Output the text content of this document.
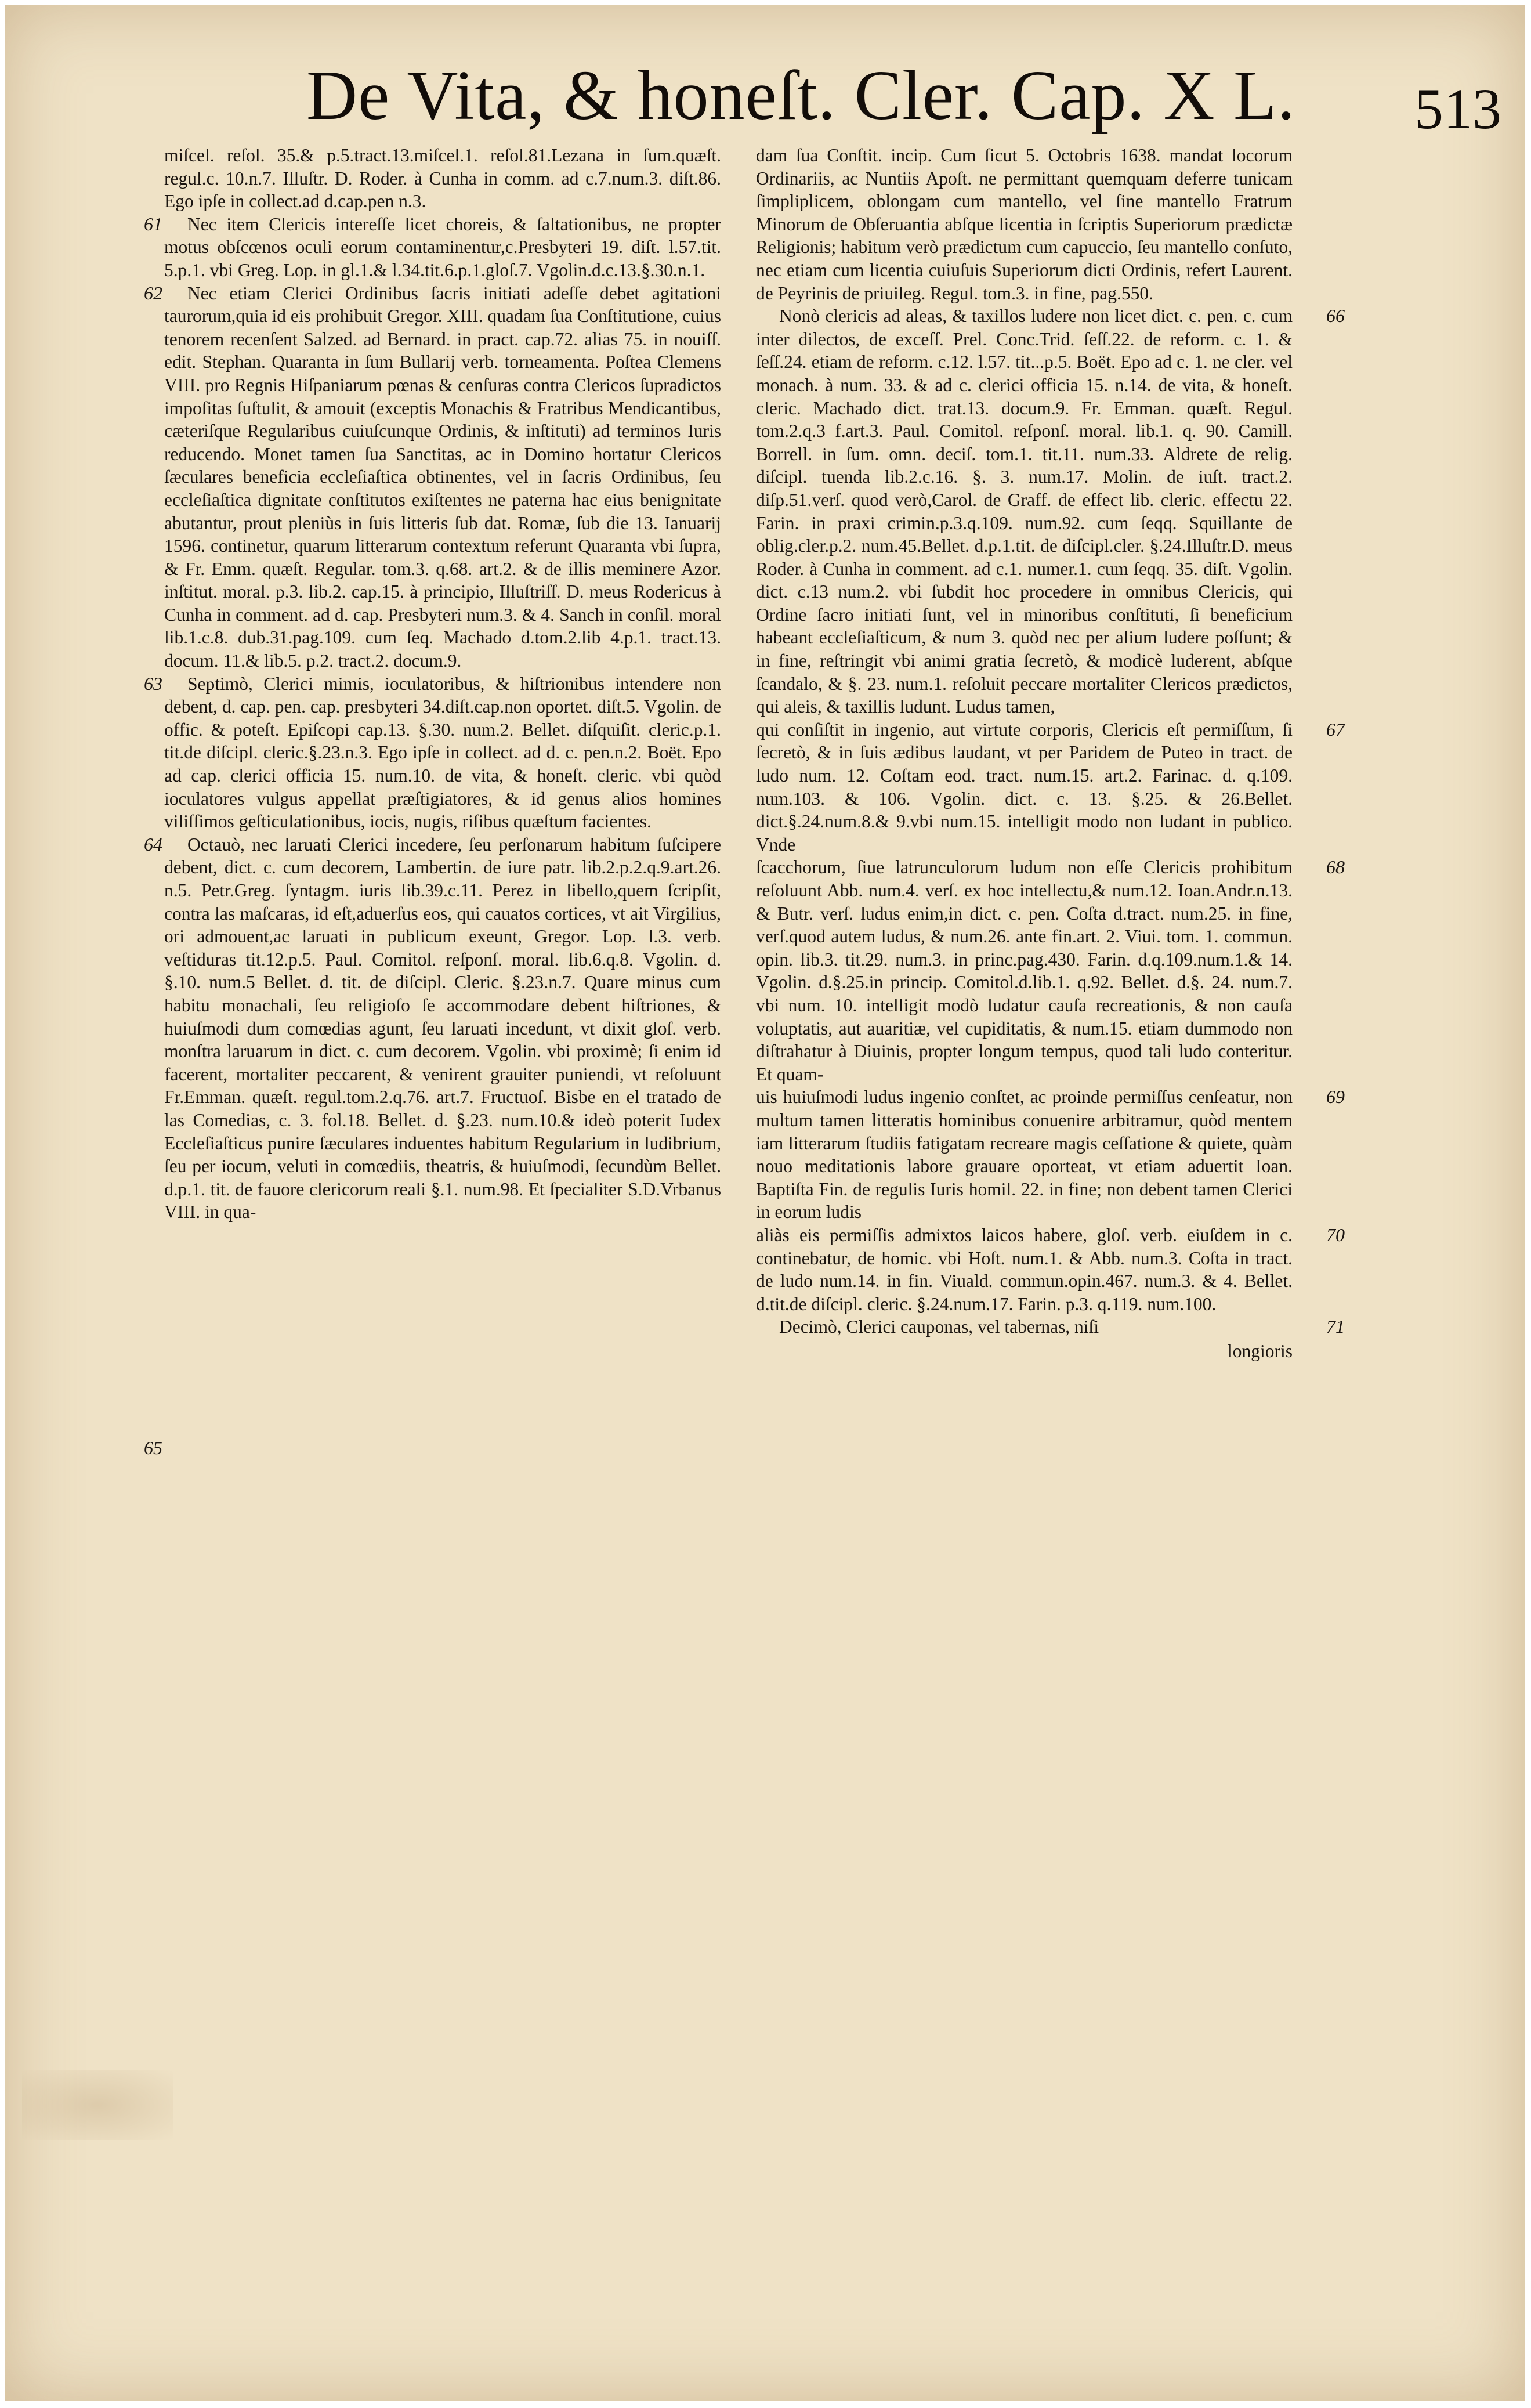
De Vita, & honeſt. Cler. Cap. X L. 513

miſcel. reſol. 35.& p.5.tract.13.miſcel.1. reſol.81.Lezana in ſum.quæſt. regul.c. 10.n.7. Illuſtr. D. Roder. à Cunha in comm. ad c.7.num.3. diſt.86. Ego ipſe in collect.ad d.cap.pen n.3.

61 Nec item Clericis intereſſe licet choreis, & ſaltationibus, ne propter motus obſcœnos oculi eorum contaminentur,c.Presbyteri 19. diſt. l.57.tit. 5.p.1. vbi Greg. Lop. in gl.1.& l.34.tit.6.p.1.gloſ.7. Vgolin.d.c.13.§.30.n.1.

62 Nec etiam Clerici Ordinibus ſacris initiati adeſſe debet agitationi taurorum,quia id eis prohibuit Gregor. XIII. quadam ſua Conſtitutione, cuius tenorem recenſent Salzed. ad Bernard. in pract. cap.72. alias 75. in nouiſſ. edit. Stephan. Quaranta in ſum Bullarij verb. torneamenta. Poſtea Clemens VIII. pro Regnis Hiſpaniarum pœnas & cenſuras contra Clericos ſupradictos impoſitas ſuſtulit, & amouit (exceptis Monachis & Fratribus Mendicantibus, cæteriſque Regularibus cuiuſcunque Ordinis, & inſtituti) ad terminos Iuris reducendo. Monet tamen ſua Sanctitas, ac in Domino hortatur Clericos ſæculares beneficia eccleſiaſtica obtinentes, vel in ſacris Ordinibus, ſeu eccleſiaſtica dignitate conſtitutos exiſtentes ne paterna hac eius benignitate abutantur, prout pleniùs in ſuis litteris ſub dat. Romæ, ſub die 13. Ianuarij 1596. continetur, quarum litterarum contextum referunt Quaranta vbi ſupra, & Fr. Emm. quæſt. Regular. tom.3. q.68. art.2. & de illis meminere Azor. inſtitut. moral. p.3. lib.2. cap.15. à principio, Illuſtriſſ. D. meus Rodericus à Cunha in comment. ad d. cap. Presbyteri num.3. & 4. Sanch in conſil. moral lib.1.c.8. dub.31.pag.109. cum ſeq. Machado d.tom.2.lib 4.p.1. tract.13. docum. 11.& lib.5. p.2. tract.2. docum.9.

63 Septimò, Clerici mimis, ioculatoribus, & hiſtrionibus intendere non debent, d. cap. pen. cap. presbyteri 34.diſt.cap.non oportet. diſt.5. Vgolin. de offic. & poteſt. Epiſcopi cap.13. §.30. num.2. Bellet. diſquiſit. cleric.p.1. tit.de diſcipl. cleric.§.23.n.3. Ego ipſe in collect. ad d. c. pen.n.2. Boët. Epo ad cap. clerici officia 15. num.10. de vita, & honeſt. cleric. vbi quòd ioculatores vulgus appellat præſtigiatores, & id genus alios homines viliſſimos geſticulationibus, iocis, nugis, riſibus quæſtum facientes.

64
65
Octauò, nec laruati Clerici incedere, ſeu perſonarum habitum ſuſcipere debent, dict. c. cum decorem, Lambertin. de iure patr. lib.2.p.2.q.9.art.26. n.5. Petr.Greg. ſyntagm. iuris lib.39.c.11. Perez in libello,quem ſcripſit, contra las maſcaras, id eſt,aduerſus eos, qui cauatos cortices, vt ait Virgilius, ori admouent,ac laruati in publicum exeunt, Gregor. Lop. l.3. verb. veſtiduras tit.12.p.5. Paul. Comitol. reſponſ. moral. lib.6.q.8. Vgolin. d. §.10. num.5 Bellet. d. tit. de diſcipl. Cleric. §.23.n.7. Quare minus cum habitu monachali, ſeu religioſo ſe accommodare debent hiſtriones, & huiuſmodi dum comœdias agunt, ſeu laruati incedunt, vt dixit gloſ. verb. monſtra laruarum in dict. c. cum decorem. Vgolin. vbi proximè; ſi enim id facerent, mortaliter peccarent, & venirent grauiter puniendi, vt reſoluunt Fr.Emman. quæſt. regul.tom.2.q.76. art.7. Fructuoſ. Bisbe en el tratado de las Comedias, c. 3. fol.18. Bellet. d. §.23. num.10.& ideò poterit Iudex Eccleſiaſticus punire ſæculares induentes habitum Regularium in ludibrium, ſeu per iocum, veluti in comœdiis, theatris, & huiuſmodi, ſecundùm Bellet. d.p.1. tit. de fauore clericorum reali §.1. num.98. Et ſpecialiter S.D.Vrbanus VIII. in qua-

dam ſua Conſtit. incip. Cum ſicut 5. Octobris 1638. mandat locorum Ordinariis, ac Nuntiis Apoſt. ne permittant quemquam deferre tunicam ſimpliplicem, oblongam cum mantello, vel ſine mantello Fratrum Minorum de Obſeruantia abſque licentia in ſcriptis Superiorum prædictæ Religionis; habitum verò prædictum cum capuccio, ſeu mantello conſuto, nec etiam cum licentia cuiuſuis Superiorum dicti Ordinis, refert Laurent. de Peyrinis de priuileg. Regul. tom.3. in fine, pag.550.

66
Nonò clericis ad aleas, & taxillos ludere non licet dict. c. pen. c. cum inter dilectos, de exceſſ. Prel. Conc.Trid. ſeſſ.22. de reform. c. 1. & ſeſſ.24. etiam de reform. c.12. l.57. tit...p.5. Boët. Epo ad c. 1. ne cler. vel monach. à num. 33. & ad c. clerici officia 15. n.14. de vita, & honeſt. cleric. Machado dict. trat.13. docum.9. Fr. Emman. quæſt. Regul. tom.2.q.3 f.art.3. Paul. Comitol. reſponſ. moral. lib.1. q. 90. Camill. Borrell. in ſum. omn. deciſ. tom.1. tit.11. num.33. Aldrete de relig. diſcipl. tuenda lib.2.c.16. §. 3. num.17. Molin. de iuſt. tract.2. diſp.51.verſ. quod verò,Carol. de Graff. de effect lib. cleric. effectu 22. Farin. in praxi crimin.p.3.q.109. num.92. cum ſeqq. Squillante de oblig.cler.p.2. num.45.Bellet. d.p.1.tit. de diſcipl.cler. §.24.Illuſtr.D. meus Roder. à Cunha in comment. ad c.1. numer.1. cum ſeqq. 35. diſt. Vgolin. dict. c.13 num.2. vbi ſubdit hoc procedere in omnibus Clericis, qui Ordine ſacro initiati ſunt, vel in minoribus conſtituti, ſi beneficium habeant eccleſiaſticum, & num 3. quòd nec per alium ludere poſſunt; & in fine, reſtringit vbi animi gratia ſecretò, & modicè luderent, abſque ſcandalo, & §. 23. num.1. reſoluit peccare mortaliter Clericos prædictos, qui aleis, & taxillis ludunt. Ludus tamen,

67
qui conſiſtit in ingenio, aut virtute corporis, Clericis eſt permiſſum, ſi ſecretò, & in ſuis ædibus laudant, vt per Paridem de Puteo in tract. de ludo num. 12. Coſtam eod. tract. num.15. art.2. Farinac. d. q.109. num.103. & 106. Vgolin. dict. c. 13. §.25. & 26.Bellet. dict.§.24.num.8.& 9.vbi num.15. intelligit modo non ludant in publico. Vnde

68
ſcacchorum, ſiue latrunculorum ludum non eſſe Clericis prohibitum reſoluunt Abb. num.4. verſ. ex hoc intellectu,& num.12. Ioan.Andr.n.13. & Butr. verſ. ludus enim,in dict. c. pen. Coſta d.tract. num.25. in fine, verſ.quod autem ludus, & num.26. ante fin.art. 2. Viui. tom. 1. commun. opin. lib.3. tit.29. num.3. in princ.pag.430. Farin. d.q.109.num.1.& 14. Vgolin. d.§.25.in princip. Comitol.d.lib.1. q.92. Bellet. d.§. 24. num.7. vbi num. 10. intelligit modò ludatur cauſa recreationis, & non cauſa voluptatis, aut auaritiæ, vel cupiditatis, & num.15. etiam dummodo non diſtrahatur à Diuinis, propter longum tempus, quod tali ludo conteritur. Et quam-

69
uis huiuſmodi ludus ingenio conſtet, ac proinde permiſſus cenſeatur, non multum tamen litteratis hominibus conuenire arbitramur, quòd mentem iam litterarum ſtudiis fatigatam recreare magis ceſſatione & quiete, quàm nouo meditationis labore grauare oporteat, vt etiam aduertit Ioan. Baptiſta Fin. de regulis Iuris homil. 22. in fine; non debent tamen Clerici in eorum ludis

70
aliàs eis permiſſis admixtos laicos habere, gloſ. verb. eiuſdem in c. continebatur, de homic. vbi Hoſt. num.1. & Abb. num.3. Coſta in tract. de ludo num.14. in fin. Viuald. commun.opin.467. num.3. & 4. Bellet. d.tit.de diſcipl. cleric. §.24.num.17. Farin. p.3. q.119. num.100.

71
Decimò, Clerici cauponas, vel tabernas, niſi

longioris
